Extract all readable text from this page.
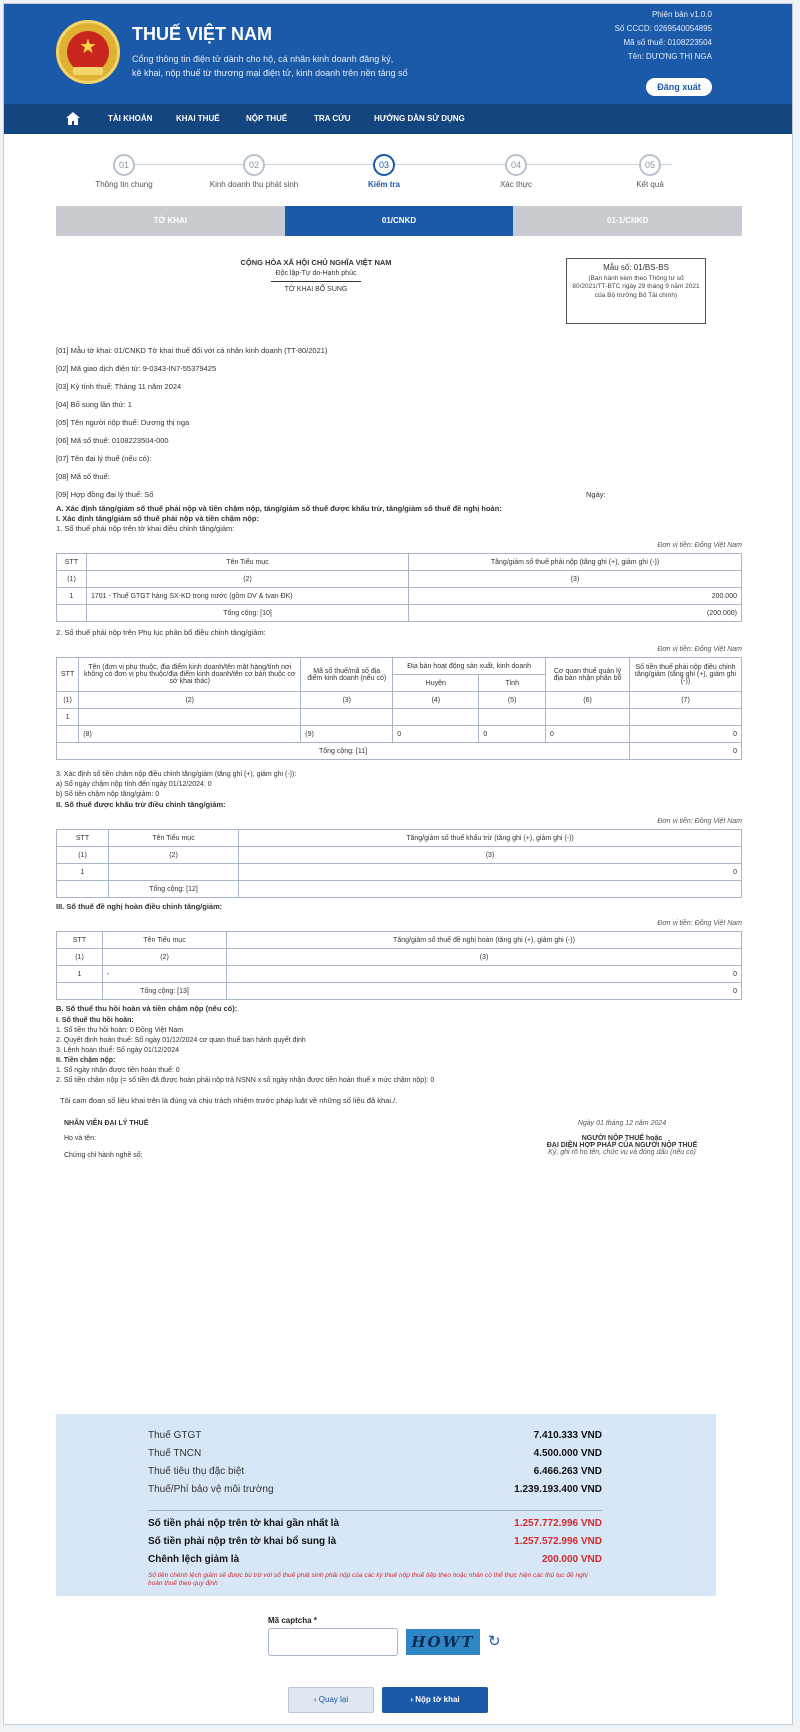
★	THUẾ VIỆT NAM
Cổng thông tin điện tử dành cho hộ, cá nhân kinh doanh đăng ký,
kê khai, nộp thuế từ thương mại điện tử, kinh doanh trên nền tảng số
Phiên bản v1.0.0
Số CCCD: 0269540054895
Mã số thuế: 0108223504
Tên: DƯƠNG THỊ NGA
Đăng xuất
TÀI KHOẢN	KHAI THUẾ	NỘP THUẾ	TRA CỨU	HƯỚNG DẪN SỬ DỤNG
01
Thông tin chung
02
Kinh doanh thu phát sinh
03
Kiểm tra
04
Xác thực
05
Kết quả
TỜ KHAI	01/CNKD	01-1/CNKD
CỘNG HÒA XÃ HỘI CHỦ NGHĨA VIỆT NAM
Độc lập-Tự do-Hạnh phúc
TỜ KHAI BỔ SUNG
Mẫu số: 01/BS-BS
(Ban hành kèm theo Thông tư số 80/2021/TT-BTC ngày 29 tháng 9 năm 2021 của Bộ trưởng Bộ Tài chính)
[01] Mẫu tờ khai: 01/CNKD Tờ khai thuế đối với cá nhân kinh doanh (TT-80/2021)
[02] Mã giao dịch điện tử: 9-0343-IN7-55379425
[03] Kỳ tính thuế: Tháng 11 năm 2024
[04] Bổ sung lần thứ: 1
[05] Tên người nộp thuế: Dương thị nga
[06] Mã số thuế: 0108223504-000
[07] Tên đại lý thuế (nếu có):
[08] Mã số thuế:
[09] Hợp đồng đại lý thuế: Số	Ngày:
A. Xác định tăng/giảm số thuế phải nộp và tiền chậm nộp, tăng/giảm số thuế được khấu trừ, tăng/giảm số thuế đề nghị hoàn:
I. Xác định tăng/giảm số thuế phải nộp và tiền chậm nộp:
1. Số thuế phải nộp trên tờ khai điều chỉnh tăng/giảm:
Đơn vị tiền: Đồng Việt Nam
STT	Tên Tiểu mục	Tăng/giảm số thuế phải nộp (tăng ghi (+), giảm ghi (-))
(1)	(2)	(3)
1	1701 - Thuế GTGT hàng SX-KD trong nước (gồm DV & tvan ĐK)	200.000
	Tổng cộng: [10]	(200.000)
2. Số thuế phải nộp trên Phụ lục phân bổ điều chỉnh tăng/giảm:
Đơn vị tiền: Đồng Việt Nam
STT	Tên (đơn vị phụ thuộc, địa điểm kinh doanh/tên mặt hàng/tỉnh nơi không có đơn vị phụ thuộc/địa điểm kinh doanh/tên cơ bản thuộc cơ sở khai thác)	Mã số thuế/mã số địa điểm kinh doanh (nếu có)	Địa bàn hoạt động sản xuất, kinh doanh		Cơ quan thuế quản lý địa bàn nhận phân bổ	Số tiền thuế phải nộp điều chỉnh tăng/giảm (tăng ghi (+), giảm ghi (-))
			Huyện	Tỉnh		
(1)	(2)	(3)	(4)	(5)	(6)	(7)
1						
	(8)	(9)	0	0	0	0
Tổng cộng: [11]						0
3. Xác định số tiền chậm nộp điều chỉnh tăng/giảm (tăng ghi (+), giảm ghi (-)):
a) Số ngày chậm nộp tính đến ngày 01/12/2024: 0
b) Số tiền chậm nộp tăng/giảm: 0
II. Số thuế được khấu trừ điều chỉnh tăng/giảm:
Đơn vị tiền: Đồng Việt Nam
STT	Tên Tiểu mục	Tăng/giảm số thuế khấu trừ (tăng ghi (+), giảm ghi (-))
(1)	(2)	(3)
1		0
	Tổng cộng: [12]	
III. Số thuế đề nghị hoàn điều chỉnh tăng/giảm:
Đơn vị tiền: Đồng Việt Nam
STT	Tên Tiểu mục	Tăng/giảm số thuế đề nghị hoàn (tăng ghi (+), giảm ghi (-))
(1)	(2)	(3)
1	-	0
	Tổng cộng: [13]	0
B. Số thuế thu hồi hoàn và tiền chậm nộp (nếu có):
I. Số thuế thu hồi hoàn:
1. Số tiền thu hồi hoàn: 0 Đồng Việt Nam
2. Quyết định hoàn thuế: Số ngày 01/12/2024 cơ quan thuế ban hành quyết định
3. Lệnh hoàn thuế: Số ngày 01/12/2024
II. Tiền chậm nộp:
1. Số ngày nhận được tiền hoàn thuế: 0
2. Số tiền chậm nộp (= số tiền đã được hoàn phải nộp trả NSNN x số ngày nhận được tiền hoàn thuế x mức chậm nộp): 0
Tôi cam đoan số liệu khai trên là đúng và chịu trách nhiệm trước pháp luật về những số liệu đã khai./.
NHÂN VIÊN ĐẠI LÝ THUẾ
Họ và tên:
Chứng chỉ hành nghề số:
Ngày 01 tháng 12 năm 2024
NGƯỜI NỘP THUẾ hoặc
ĐẠI DIỆN HỢP PHÁP CỦA NGƯỜI NỘP THUẾ
Ký, ghi rõ họ tên, chức vụ và đóng dấu (nếu có)
Thuế GTGT	7.410.333 VND
Thuế TNCN	4.500.000 VND
Thuế tiêu thụ đặc biệt	6.466.263 VND
Thuế/Phí bảo vệ môi trường	1.239.193.400 VND
Số tiền phải nộp trên tờ khai gần nhất là	1.257.772.996 VND
Số tiền phải nộp trên tờ khai bổ sung là	1.257.572.996 VND
Chênh lệch giảm là	200.000 VND
Số tiền chênh lệch giảm sẽ được bù trừ với số thuế phát sinh phải nộp của các kỳ thuế nộp thuế tiếp theo hoặc nhân có thể thực hiện các thủ tục đề nghị hoàn thuế theo quy định
Mã captcha *
HOWT ↻
‹ Quay lại	› Nộp tờ khai
